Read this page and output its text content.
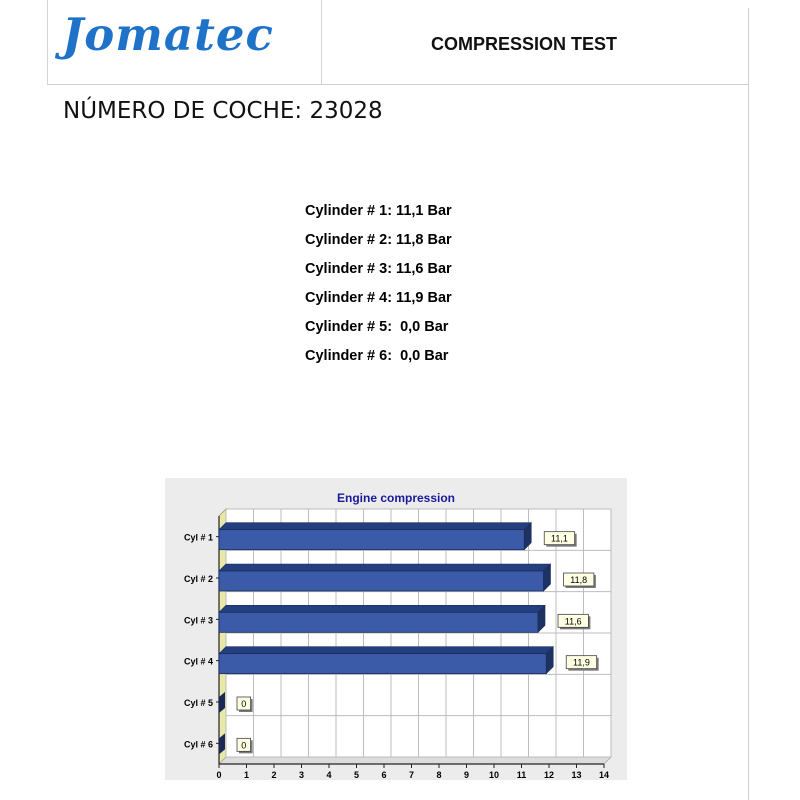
Jomatec	COMPRESSION TEST
NÚMERO DE COCHE: 23028
Cylinder # 1: 11,1 Bar
Cylinder # 2: 11,8 Bar
Cylinder # 3: 11,6 Bar
Cylinder # 4: 11,9 Bar
Cylinder # 5:  0,0 Bar
Cylinder # 6:  0,0 Bar
0 1 2 3 4 5 6 7 8 9 10 11 12 13 14
Cyl # 1	11,1
Cyl # 2	11,8
Cyl # 3	11,6
Cyl # 4	11,9
Cyl # 5	0
Cyl # 6	0
Engine compression
